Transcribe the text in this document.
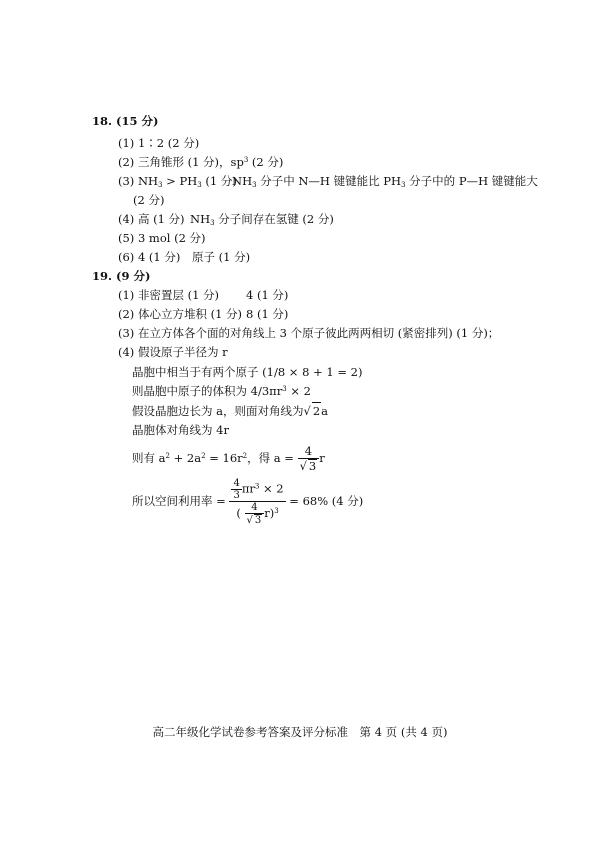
18. (15 分)
(1) 1∶2 (2 分)
(2) 三角锥形 (1 分)，$sp^3$ (2 分)
(3) $NH_3 > PH_3$ (1 分)
$NH_3$ 分子中 N—H 键键能比 $PH_3$ 分子中的 P—H 键键能大
(2 分)
(4) 高 (1 分) $NH_3$ 分子间存在氢键 (2 分)
(5) 3 mol (2 分)
(6) 4 (1 分) 原子 (1 分)
19. (9 分)
(1) 非密置层 (1 分) 4 (1 分)
(2) 体心立方堆积 (1 分) 8 (1 分)
(3) 在立方体各个面的对角线上 3 个原子彼此两两相切 (紧密排列) (1 分)；
(4) 假设原子半径为 r
晶胞中相当于有两个原子 (1/8 × 8 + 1 = 2)
则晶胞中原子的体积为 $4/3\pi r^3 \times 2$
假设晶胞边长为 a，则面对角线为√ 2a
晶胞体对角线为 4r
则有 $a^2 + 2a^2 = 16r^2$，得 $a = \frac{4}{√ 3}$ r
所以空间利用率 = $\frac{\frac{4}{3} \pi r^3 \times 2}{( \frac{4}{√ 3} r)^3} = 68\%$ (4 分)
高二年级化学试卷参考答案及评分标准　第 4 页 (共 4 页)
